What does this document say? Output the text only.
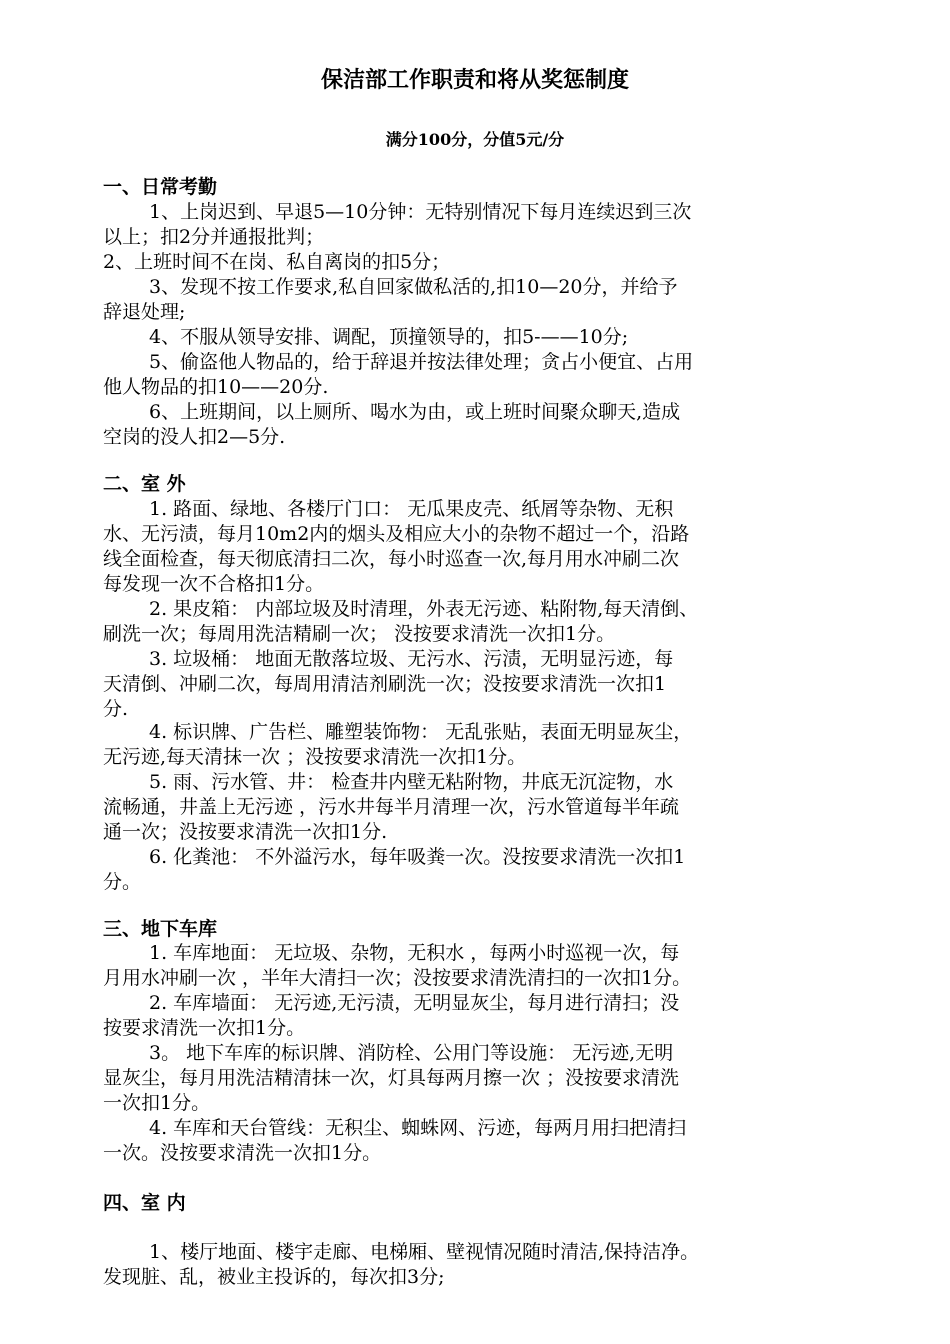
保洁部工作职责和将从奖惩制度
满分100分，分值5元/分
一、日常考勤
1、上岗迟到、早退5—10分钟：无特别情况下每月连续迟到三次
以上；扣2分并通报批判；
2、上班时间不在岗、私自离岗的扣5分；
3、发现不按工作要求,私自回家做私活的,扣10—20分，并给予
辞退处理;
4、不服从领导安排、调配，顶撞领导的，扣5-——10分;
5、偷盗他人物品的，给于辞退并按法律处理；贪占小便宜、占用
他人物品的扣10——20分.
6、上班期间，以上厕所、喝水为由，或上班时间聚众聊天,造成
空岗的没人扣2—5分.
二、室 外
1. 路面、绿地、各楼厅门口： 无瓜果皮壳、纸屑等杂物、无积
水、无污渍，每月10m2内的烟头及相应大小的杂物不超过一个，沿路
线全面检查，每天彻底清扫二次，每小时巡查一次,每月用水冲刷二次
每发现一次不合格扣1分。
2. 果皮箱： 内部垃圾及时清理，外表无污迹、粘附物,每天清倒、
刷洗一次；每周用洗洁精刷一次； 没按要求清洗一次扣1分。
3. 垃圾桶： 地面无散落垃圾、无污水、污渍，无明显污迹，每
天清倒、冲刷二次，每周用清洁剂刷洗一次；没按要求清洗一次扣1
分.
4. 标识牌、广告栏、雕塑装饰物： 无乱张贴，表面无明显灰尘，
无污迹,每天清抹一次 ；没按要求清洗一次扣1分。
5. 雨、污水管、井： 检查井内壁无粘附物，井底无沉淀物，水
流畅通，井盖上无污迹 ，污水井每半月清理一次，污水管道每半年疏
通一次；没按要求清洗一次扣1分.
6. 化粪池： 不外溢污水，每年吸粪一次。没按要求清洗一次扣1
分。
三、地下车库
1. 车库地面： 无垃圾、杂物，无积水 ，每两小时巡视一次，每
月用水冲刷一次 ，半年大清扫一次；没按要求清洗清扫的一次扣1分。
2. 车库墙面： 无污迹,无污渍，无明显灰尘，每月进行清扫；没
按要求清洗一次扣1分。
3。 地下车库的标识牌、消防栓、公用门等设施： 无污迹,无明
显灰尘，每月用洗洁精清抹一次，灯具每两月擦一次 ；没按要求清洗
一次扣1分。
4. 车库和天台管线：无积尘、蜘蛛网、污迹，每两月用扫把清扫
一次。没按要求清洗一次扣1分。
四、室 内
1、楼厅地面、楼宇走廊、电梯厢、壁视情况随时清洁,保持洁净。
发现脏、乱，被业主投诉的，每次扣3分;
